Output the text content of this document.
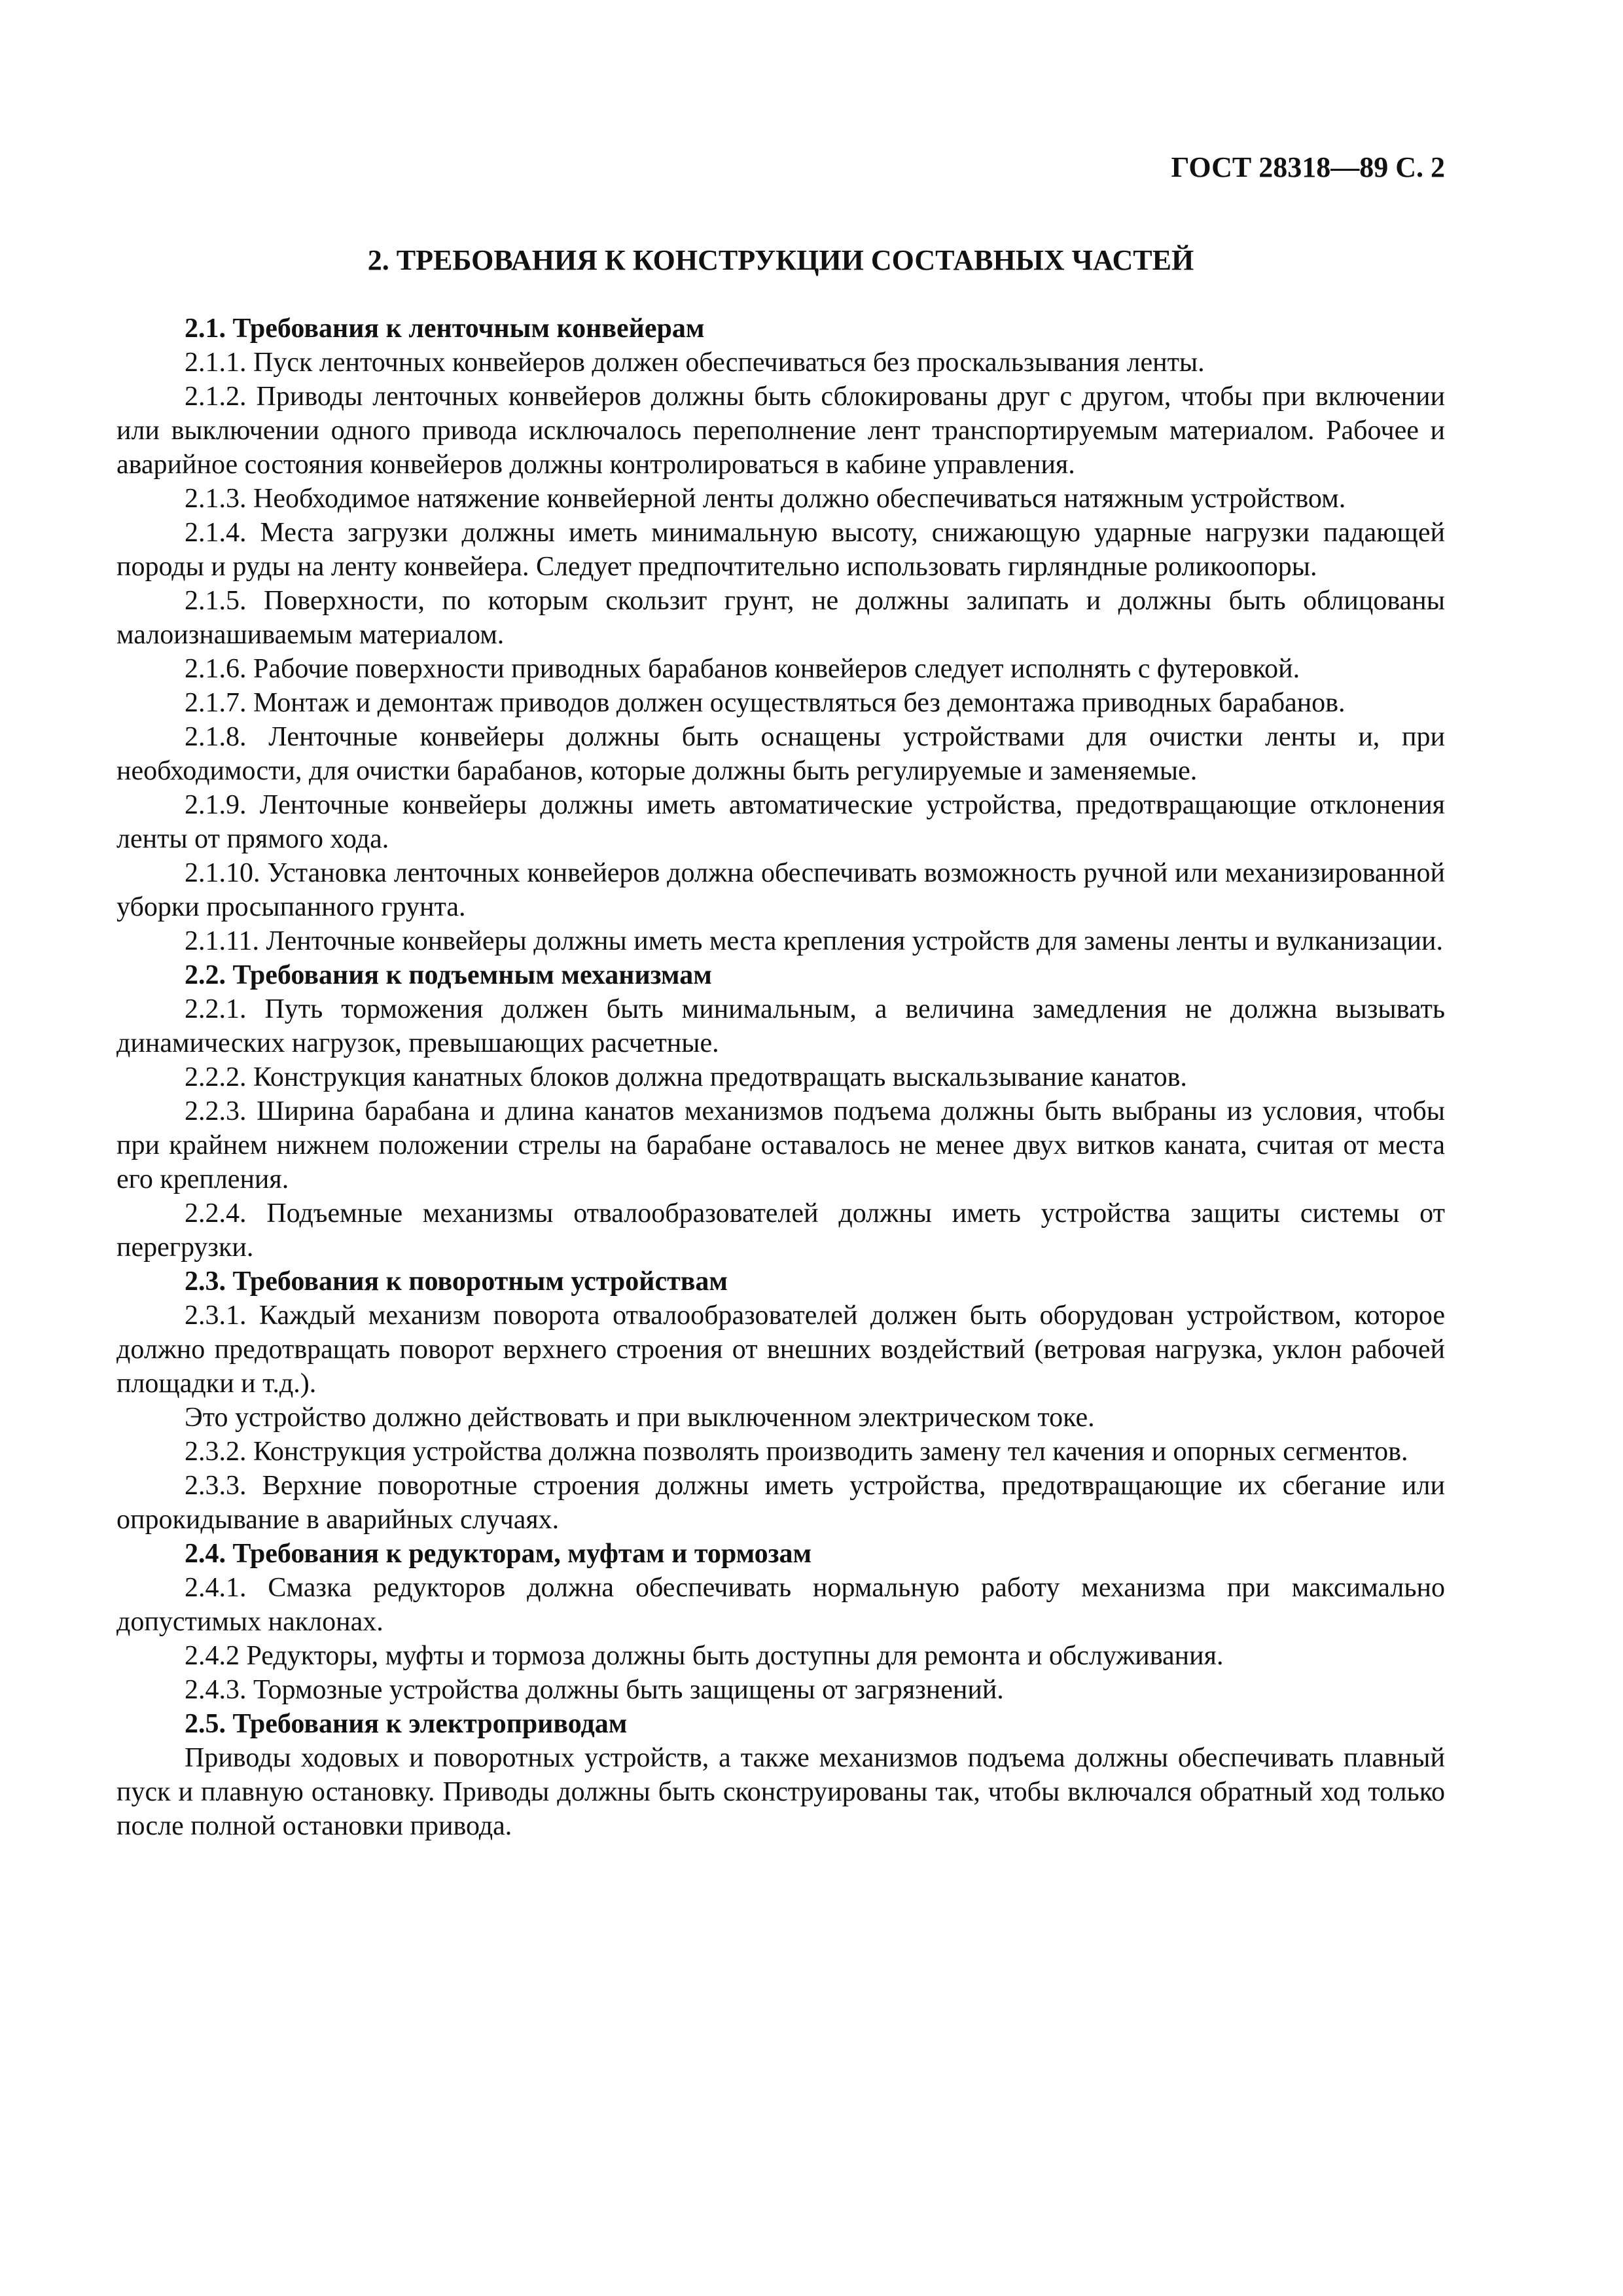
ГОСТ 28318—89 С. 2

2. ТРЕБОВАНИЯ К КОНСТРУКЦИИ СОСТАВНЫХ ЧАСТЕЙ

2.1. Требования к ленточным конвейерам

2.1.1. Пуск ленточных конвейеров должен обеспечиваться без проскальзывания ленты.

2.1.2. Приводы ленточных конвейеров должны быть сблокированы друг с другом, чтобы при включении или выключении одного привода исключалось переполнение лент транспортируемым материалом. Рабочее и аварийное состояния конвейеров должны контролироваться в кабине управления.

2.1.3. Необходимое натяжение конвейерной ленты должно обеспечиваться натяжным устройством.

2.1.4. Места загрузки должны иметь минимальную высоту, снижающую ударные нагрузки падающей породы и руды на ленту конвейера. Следует предпочтительно использовать гирляндные роликоопоры.

2.1.5. Поверхности, по которым скользит грунт, не должны залипать и должны быть облицованы малоизнашиваемым материалом.

2.1.6. Рабочие поверхности приводных барабанов конвейеров следует исполнять с футеровкой.

2.1.7. Монтаж и демонтаж приводов должен осуществляться без демонтажа приводных барабанов.

2.1.8. Ленточные конвейеры должны быть оснащены устройствами для очистки ленты и, при необходимости, для очистки барабанов, которые должны быть регулируемые и заменяемые.

2.1.9. Ленточные конвейеры должны иметь автоматические устройства, предотвращающие отклонения ленты от прямого хода.

2.1.10. Установка ленточных конвейеров должна обеспечивать возможность ручной или механизированной уборки просыпанного грунта.

2.1.11. Ленточные конвейеры должны иметь места крепления устройств для замены ленты и вулканизации.

2.2. Требования к подъемным механизмам

2.2.1. Путь торможения должен быть минимальным, а величина замедления не должна вызывать динамических нагрузок, превышающих расчетные.

2.2.2. Конструкция канатных блоков должна предотвращать выскальзывание канатов.

2.2.3. Ширина барабана и длина канатов механизмов подъема должны быть выбраны из условия, чтобы при крайнем нижнем положении стрелы на барабане оставалось не менее двух витков каната, считая от места его крепления.

2.2.4. Подъемные механизмы отвалообразователей должны иметь устройства защиты системы от перегрузки.

2.3. Требования к поворотным устройствам

2.3.1. Каждый механизм поворота отвалообразователей должен быть оборудован устройством, которое должно предотвращать поворот верхнего строения от внешних воздействий (ветровая нагрузка, уклон рабочей площадки и т.д.).

Это устройство должно действовать и при выключенном электрическом токе.

2.3.2. Конструкция устройства должна позволять производить замену тел качения и опорных сегментов.

2.3.3. Верхние поворотные строения должны иметь устройства, предотвращающие их сбегание или опрокидывание в аварийных случаях.

2.4. Требования к редукторам, муфтам и тормозам

2.4.1. Смазка редукторов должна обеспечивать нормальную работу механизма при максимально допустимых наклонах.

2.4.2 Редукторы, муфты и тормоза должны быть доступны для ремонта и обслуживания.

2.4.3. Тормозные устройства должны быть защищены от загрязнений.

2.5. Требования к электроприводам

Приводы ходовых и поворотных устройств, а также механизмов подъема должны обеспечивать плавный пуск и плавную остановку. Приводы должны быть сконструированы так, чтобы включался обратный ход только после полной остановки привода.
